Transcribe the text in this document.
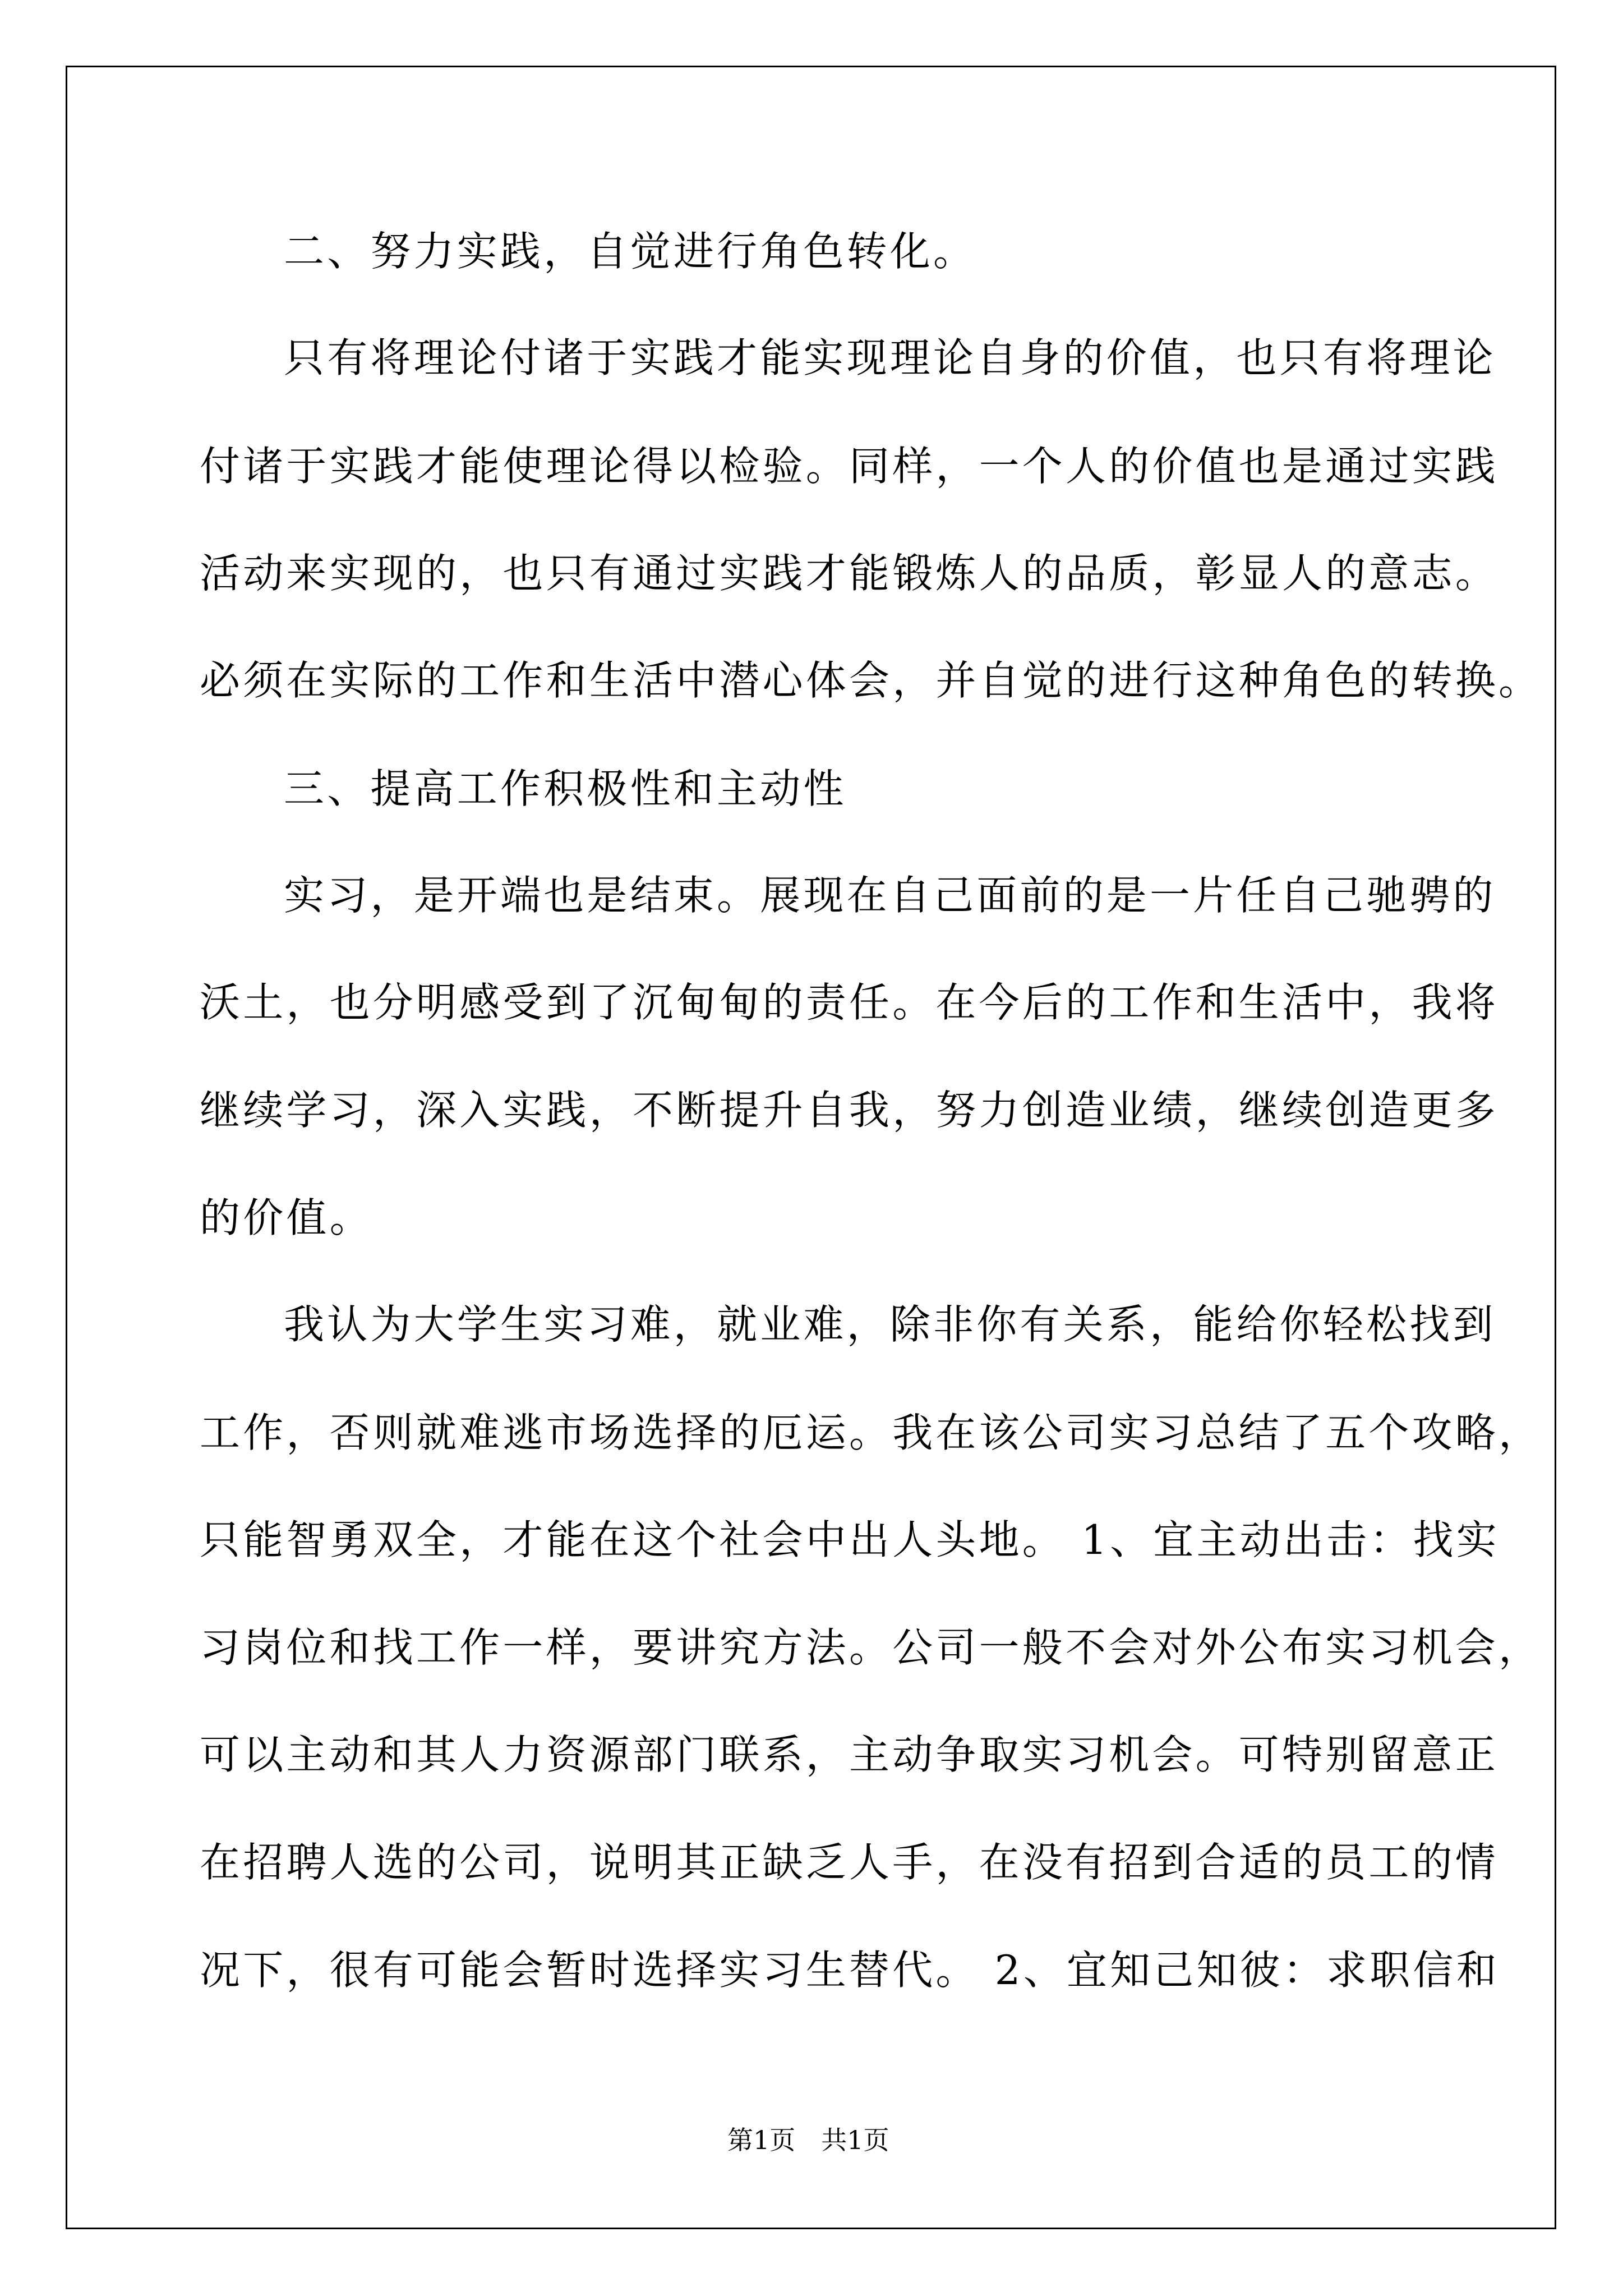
二、努力实践，自觉进行角色转化。
只有将理论付诸于实践才能实现理论自身的价值，也只有将理论
付诸于实践才能使理论得以检验。同样，一个人的价值也是通过实践
活动来实现的，也只有通过实践才能锻炼人的品质，彰显人的意志。
必须在实际的工作和生活中潜心体会，并自觉的进行这种角色的转换。
三、提高工作积极性和主动性
实习，是开端也是结束。展现在自己面前的是一片任自己驰骋的
沃土，也分明感受到了沉甸甸的责任。在今后的工作和生活中，我将
继续学习，深入实践，不断提升自我，努力创造业绩，继续创造更多
的价值。
我认为大学生实习难，就业难，除非你有关系，能给你轻松找到
工作，否则就难逃市场选择的厄运。我在该公司实习总结了五个攻略，
只能智勇双全，才能在这个社会中出人头地。 1、宜主动出击：找实
习岗位和找工作一样，要讲究方法。公司一般不会对外公布实习机会，
可以主动和其人力资源部门联系，主动争取实习机会。可特别留意正
在招聘人选的公司，说明其正缺乏人手，在没有招到合适的员工的情
况下，很有可能会暂时选择实习生替代。 2、宜知己知彼：求职信和
第1页　共1页
